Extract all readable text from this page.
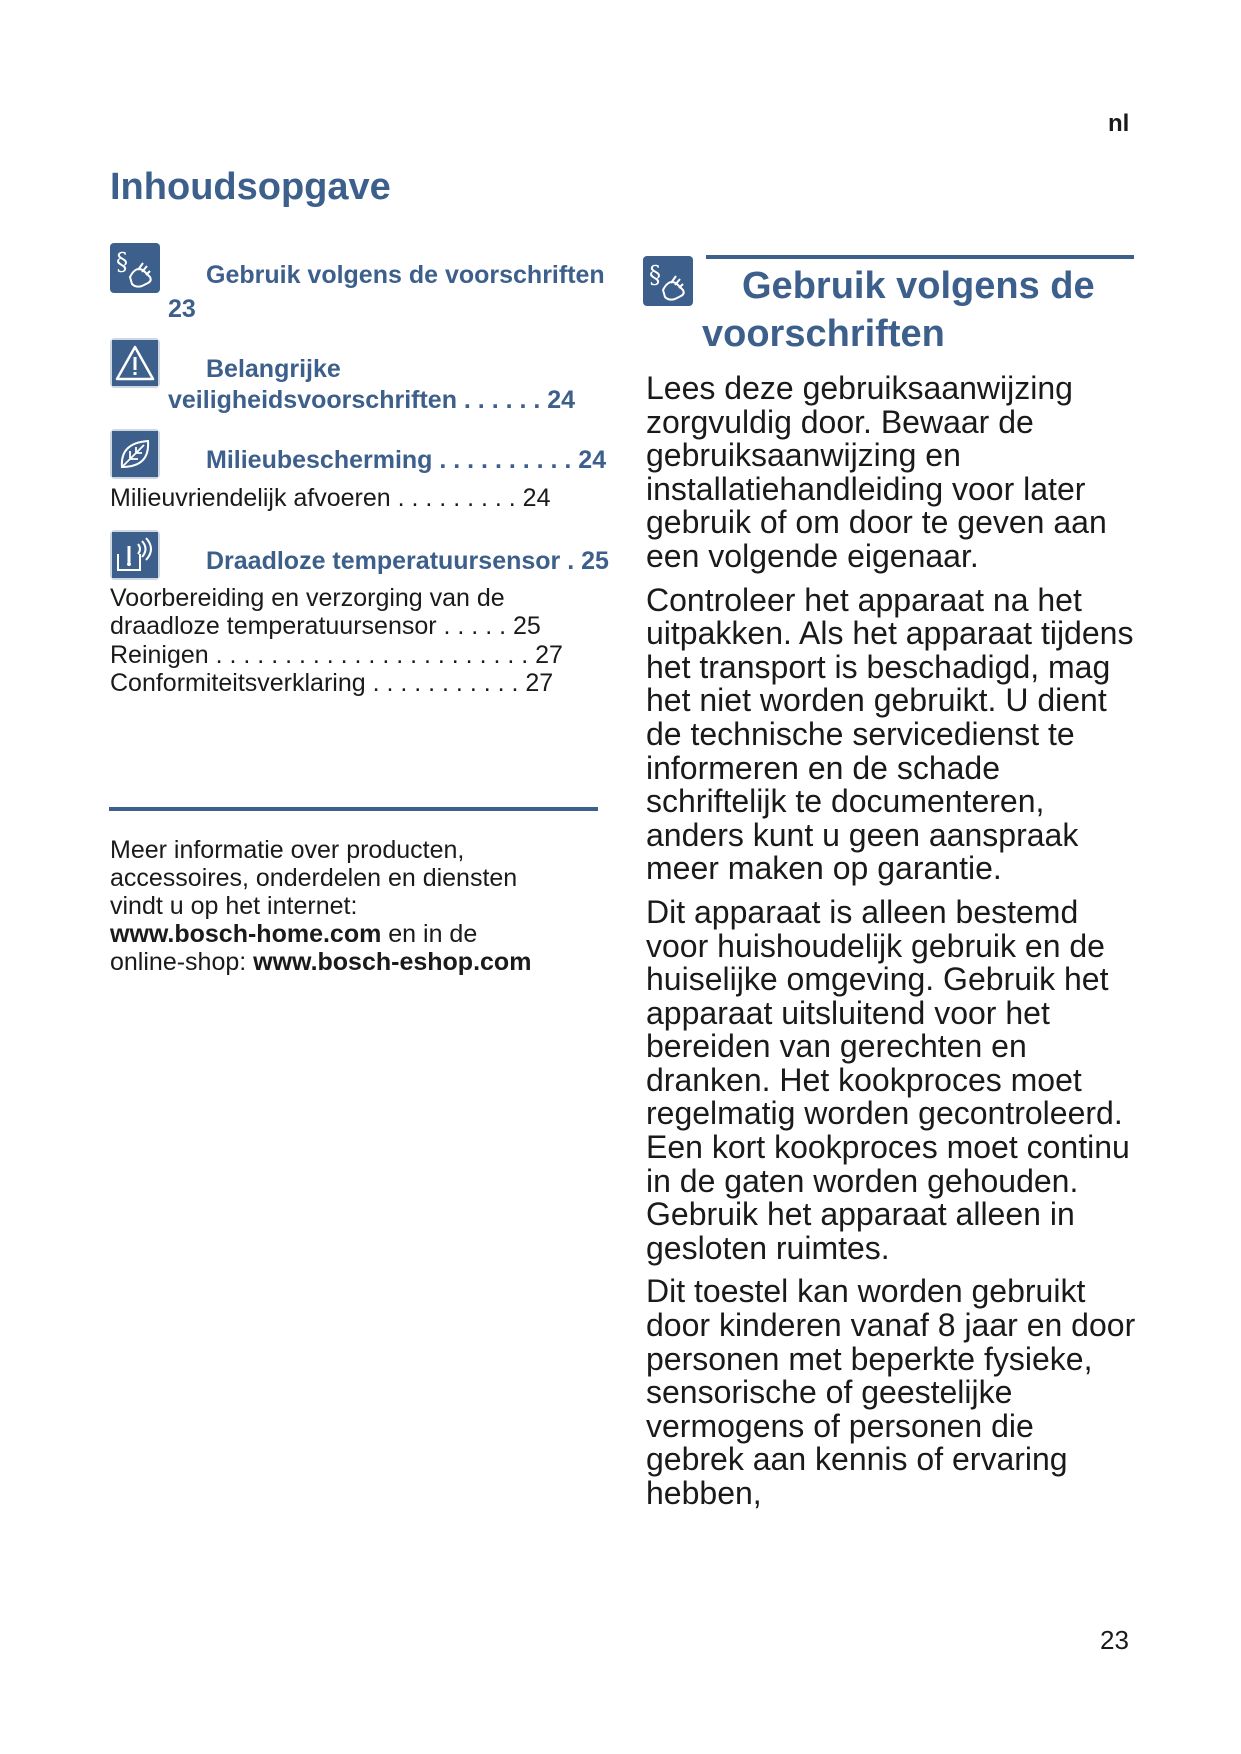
nl
Inhoudsopgave
§	Gebruik volgens de voorschriften
23
Belangrijke
veiligheidsvoorschriften . . . . . . 24
Milieubescherming . . . . . . . . . . 24
Milieuvriendelijk afvoeren . . . . . . . . . 24
Draadloze temperatuursensor . 25
Voorbereiding en verzorging van de
draadloze temperatuursensor . . . . . 25
Reinigen . . . . . . . . . . . . . . . . . . . . . . . 27
Conformiteitsverklaring . . . . . . . . . . . 27
Meer informatie over producten,
accessoires, onderdelen en diensten
vindt u op het internet:
www.bosch-home.com en in de
online-shop: www.bosch-eshop.com
§	Gebruik volgens de
voorschriften

Lees deze gebruiksaanwijzing zorgvuldig door. Bewaar de gebruiksaanwijzing en installatiehandleiding voor later gebruik of om door te geven aan een volgende eigenaar.

Controleer het apparaat na het uitpakken. Als het apparaat tijdens het transport is beschadigd, mag het niet worden gebruikt. U dient de technische servicedienst te informeren en de schade schriftelijk te documenteren, anders kunt u geen aanspraak meer maken op garantie.

Dit apparaat is alleen bestemd voor huishoudelijk gebruik en de huiselijke omgeving. Gebruik het apparaat uitsluitend voor het bereiden van gerechten en dranken. Het kookproces moet regelmatig worden gecontroleerd. Een kort kookproces moet continu in de gaten worden gehouden. Gebruik het apparaat alleen in gesloten ruimtes.

Dit toestel kan worden gebruikt door kinderen vanaf 8 jaar en door personen met beperkte fysieke, sensorische of geestelijke vermogens of personen die gebrek aan kennis of ervaring hebben,

23
